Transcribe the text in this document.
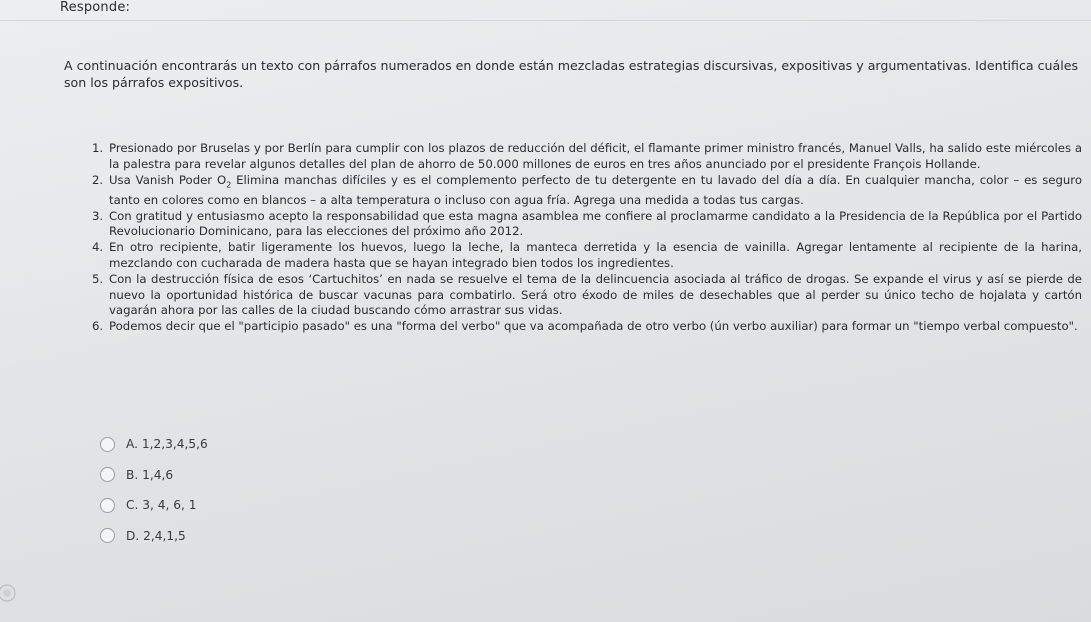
Responde:

A continuación encontrarás un texto con párrafos numerados en donde están mezcladas estrategias discursivas, expositivas y argumentativas. Identifica cuáles son los párrafos expositivos.

1. Presionado por Bruselas y por Berlín para cumplir con los plazos de reducción del déficit, el flamante primer ministro francés, Manuel Valls, ha salido este miércoles a la palestra para revelar algunos detalles del plan de ahorro de 50.000 millones de euros en tres años anunciado por el presidente François Hollande.
2. Usa Vanish Poder $O_2$ Elimina manchas difíciles y es el complemento perfecto de tu detergente en tu lavado del día a día. En cualquier mancha, color – es seguro tanto en colores como en blancos – a alta temperatura o incluso con agua fría. Agrega una medida a todas tus cargas.
3. Con gratitud y entusiasmo acepto la responsabilidad que esta magna asamblea me confiere al proclamarme candidato a la Presidencia de la República por el Partido Revolucionario Dominicano, para las elecciones del próximo año 2012.
4. En otro recipiente, batir ligeramente los huevos, luego la leche, la manteca derretida y la esencia de vainilla. Agregar lentamente al recipiente de la harina, mezclando con cucharada de madera hasta que se hayan integrado bien todos los ingredientes.
5. Con la destrucción física de esos ‘Cartuchitos’ en nada se resuelve el tema de la delincuencia asociada al tráfico de drogas. Se expande el virus y así se pierde de nuevo la oportunidad histórica de buscar vacunas para combatirlo. Será otro éxodo de miles de desechables que al perder su único techo de hojalata y cartón vagarán ahora por las calles de la ciudad buscando cómo arrastrar sus vidas.
6. Podemos decir que el "participio pasado" es una "forma del verbo" que va acompañada de otro verbo (ún verbo auxiliar) para formar un "tiempo verbal compuesto".
A. 1,2,3,4,5,6
B. 1,4,6
C. 3, 4, 6, 1
D. 2,4,1,5
